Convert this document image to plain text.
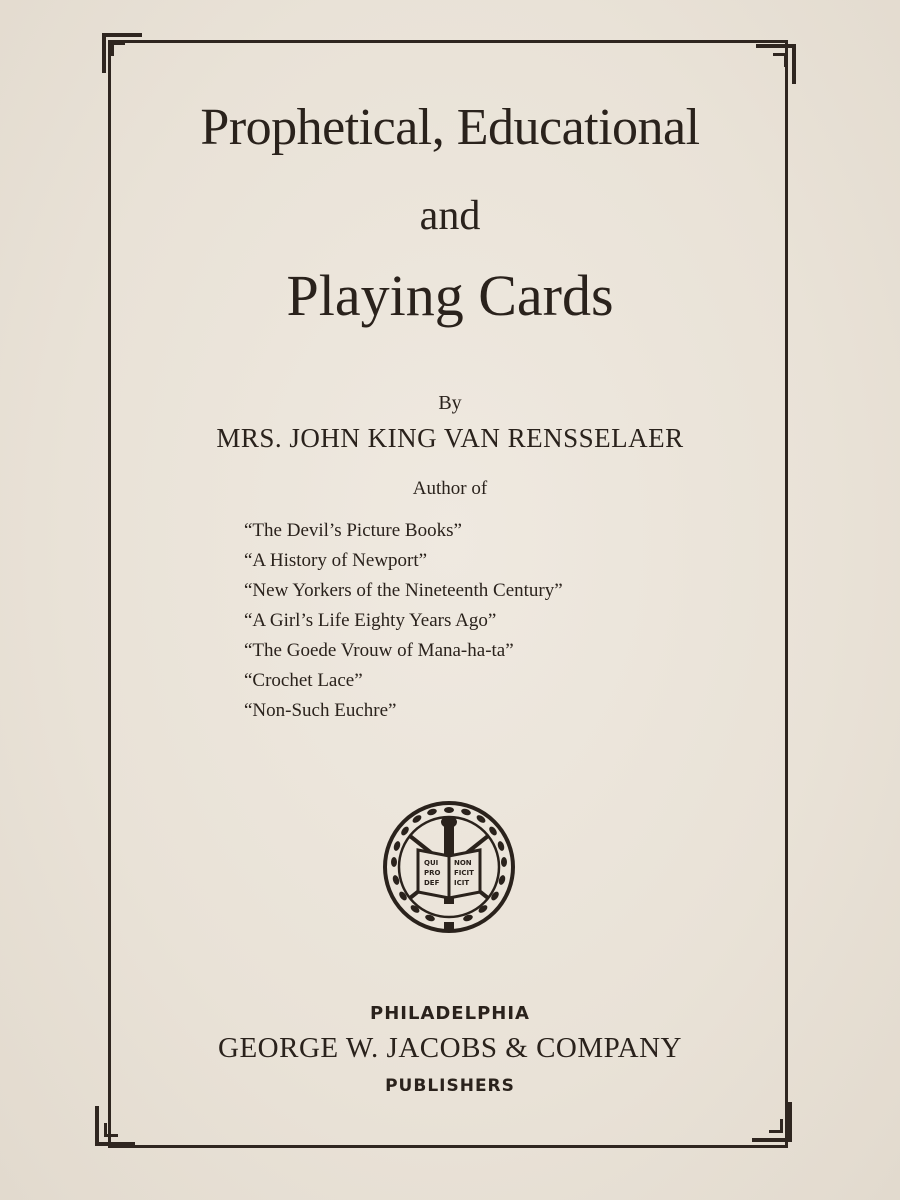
Prophetical, Educational
and
Playing Cards
By
MRS. JOHN KING VAN RENSSELAER
Author of
“The Devil’s Picture Books”
“A History of Newport”
“New Yorkers of the Nineteenth Century”
“A Girl’s Life Eighty Years Ago”
“The Goede Vrouw of Mana-ha-ta”
“Crochet Lace”
“Non-Such Euchre”
QUI NON
PRO FICIT
DEF ICIT
PHILADELPHIA
GEORGE W. JACOBS & COMPANY
PUBLISHERS
